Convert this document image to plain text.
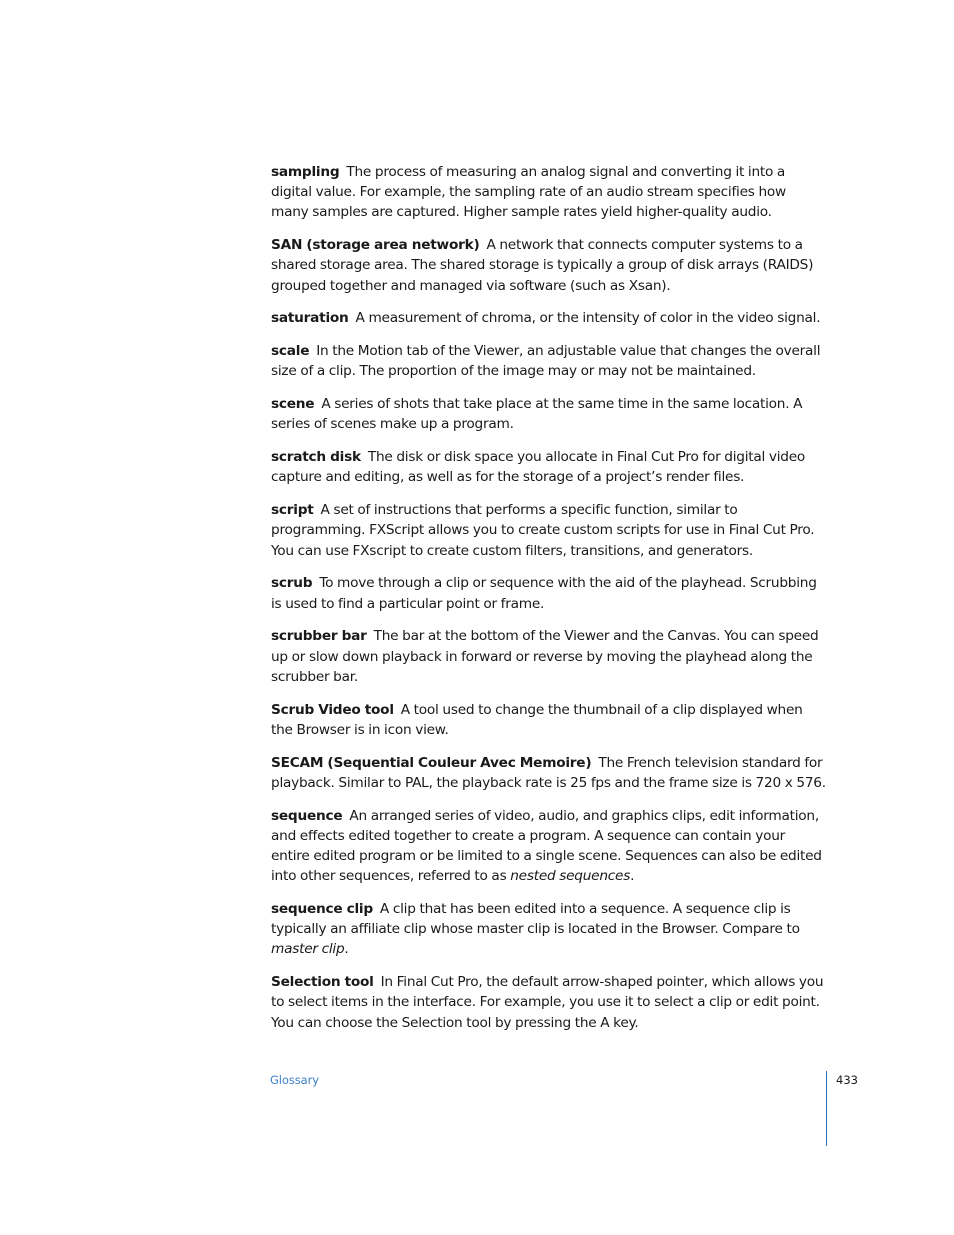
sampling The process of measuring an analog signal and converting it into a digital value. For example, the sampling rate of an audio stream specifies how many samples are captured. Higher sample rates yield higher-quality audio.

SAN (storage area network) A network that connects computer systems to a shared storage area. The shared storage is typically a group of disk arrays (RAIDS) grouped together and managed via software (such as Xsan).

saturation A measurement of chroma, or the intensity of color in the video signal.

scale In the Motion tab of the Viewer, an adjustable value that changes the overall size of a clip. The proportion of the image may or may not be maintained.

scene A series of shots that take place at the same time in the same location. A series of scenes make up a program.

scratch disk The disk or disk space you allocate in Final Cut Pro for digital video capture and editing, as well as for the storage of a project’s render files.

script A set of instructions that performs a specific function, similar to programming. FXScript allows you to create custom scripts for use in Final Cut Pro. You can use FXscript to create custom filters, transitions, and generators.

scrub To move through a clip or sequence with the aid of the playhead. Scrubbing is used to find a particular point or frame.

scrubber bar The bar at the bottom of the Viewer and the Canvas. You can speed up or slow down playback in forward or reverse by moving the playhead along the scrubber bar.

Scrub Video tool A tool used to change the thumbnail of a clip displayed when the Browser is in icon view.

SECAM (Sequential Couleur Avec Memoire) The French television standard for playback. Similar to PAL, the playback rate is 25 fps and the frame size is 720 x 576.

sequence An arranged series of video, audio, and graphics clips, edit information, and effects edited together to create a program. A sequence can contain your entire edited program or be limited to a single scene. Sequences can also be edited into other sequences, referred to as nested sequences.

sequence clip A clip that has been edited into a sequence. A sequence clip is typically an affiliate clip whose master clip is located in the Browser. Compare to master clip.

Selection tool In Final Cut Pro, the default arrow-shaped pointer, which allows you to select items in the interface. For example, you use it to select a clip or edit point. You can choose the Selection tool by pressing the A key.

Glossary	433
